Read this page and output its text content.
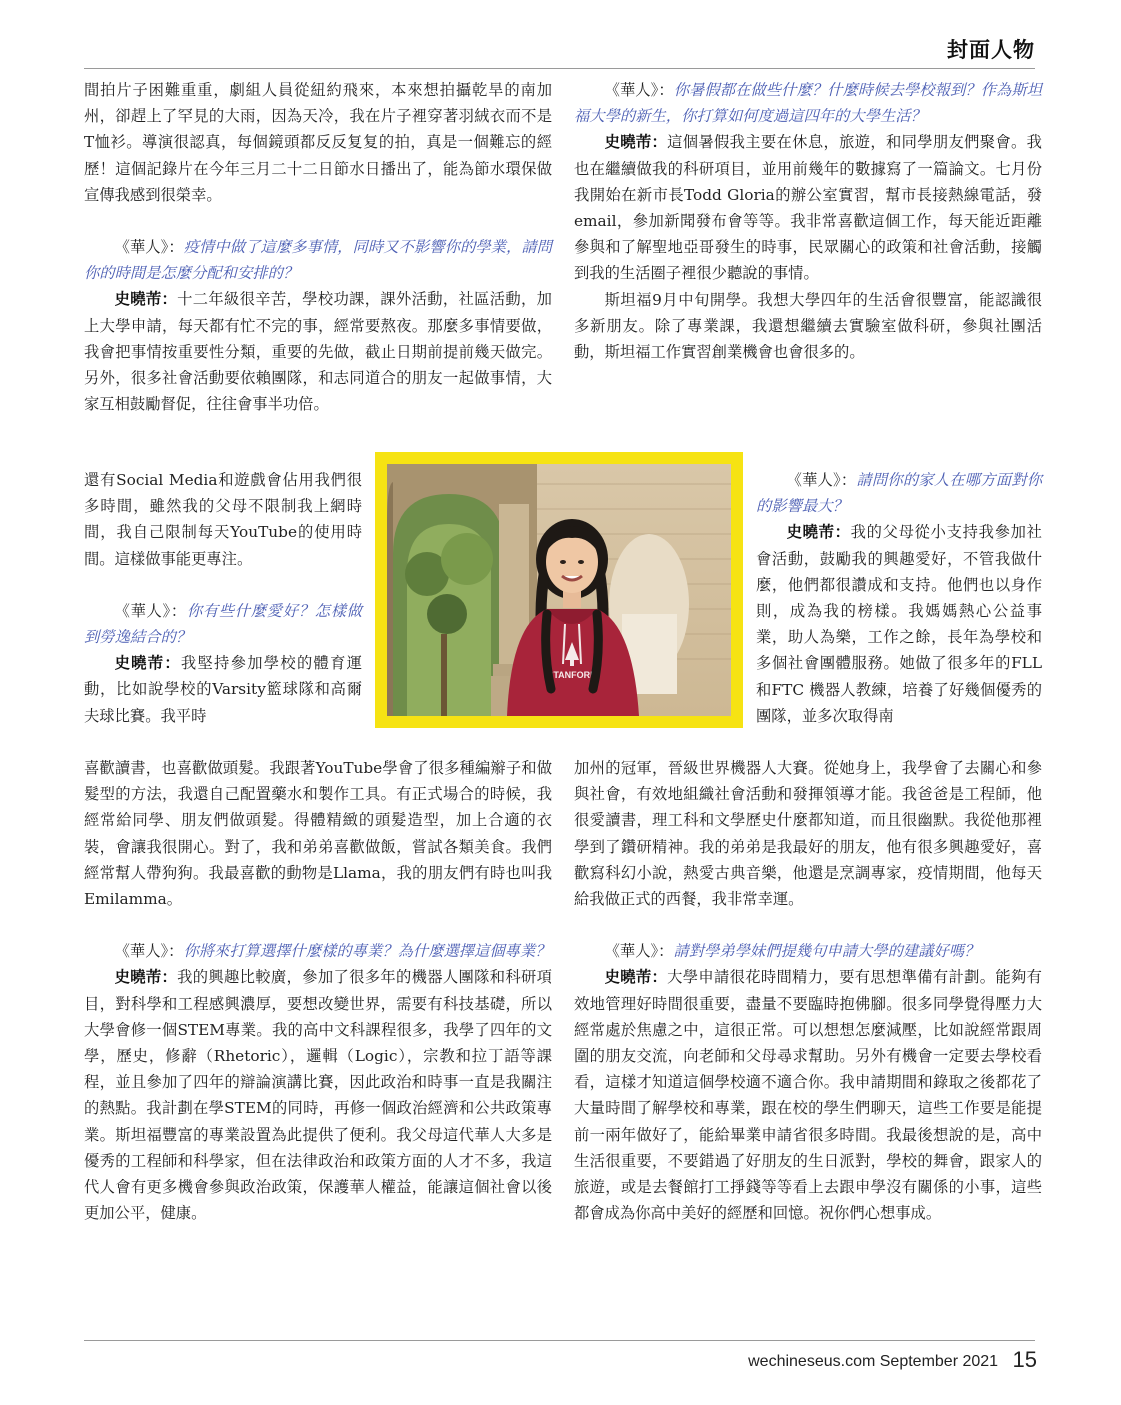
封面人物

間拍片子困難重重，劇組人員從紐約飛來，本來想拍攝乾旱的南加州，卻趕上了罕見的大雨，因為天冷，我在片子裡穿著羽絨衣而不是T恤衫。導演很認真，每個鏡頭都反反复复的拍，真是一個難忘的經歷！這個記錄片在今年三月二十二日節水日播出了，能為節水環保做宣傳我感到很榮幸。

《華人》：疫情中做了這麼多事情，同時又不影響你的學業，請問你的時間是怎麼分配和安排的？

史曉芾：十二年級很辛苦，學校功課，課外活動，社區活動，加上大學申請，每天都有忙不完的事，經常要熬夜。那麼多事情要做，我會把事情按重要性分類，重要的先做，截止日期前提前幾天做完。另外，很多社會活動要依賴團隊，和志同道合的朋友一起做事情，大家互相鼓勵督促，往往會事半功倍。

還有Social Media和遊戲會佔用我們很多時間，雖然我的父母不限制我上網時間，我自己限制每天YouTube的使用時間。這樣做事能更專注。

《華人》：你有些什麼愛好？怎樣做到勞逸結合的？

史曉芾：我堅持參加學校的體育運動，比如說學校的Varsity籃球隊和高爾夫球比賽。我平時

喜歡讀書，也喜歡做頭髮。我跟著YouTube學會了很多種編辮子和做髮型的方法，我還自己配置藥水和製作工具。有正式場合的時候，我經常給同學、朋友們做頭髮。得體精緻的頭髮造型，加上合適的衣裝，會讓我很開心。對了，我和弟弟喜歡做飯，嘗試各類美食。我們經常幫人帶狗狗。我最喜歡的動物是Llama，我的朋友們有時也叫我Emilamma。

《華人》：你將來打算選擇什麼樣的專業？為什麼選擇這個專業？

史曉芾：我的興趣比較廣，參加了很多年的機器人團隊和科研項目，對科學和工程感興濃厚，要想改變世界，需要有科技基礎，所以大學會修一個STEM專業。我的高中文科課程很多，我學了四年的文學，歷史，修辭（Rhetoric），邏輯（Logic），宗教和拉丁語等課程，並且參加了四年的辯論演講比賽，因此政治和時事一直是我關注的熱點。我計劃在學STEM的同時，再修一個政治經濟和公共政策專業。斯坦福豐富的專業設置為此提供了便利。我父母這代華人大多是優秀的工程師和科學家，但在法律政治和政策方面的人才不多，我這代人會有更多機會參與政治政策，保護華人權益，能讓這個社會以後更加公平，健康。

《華人》：你暑假都在做些什麼？什麼時候去學校報到？作為斯坦福大學的新生，你打算如何度過這四年的大學生活？

史曉芾：這個暑假我主要在休息，旅遊，和同學朋友們聚會。我也在繼續做我的科研項目，並用前幾年的數據寫了一篇論文。七月份我開始在新市長Todd Gloria的辦公室實習，幫市長接熱線電話，發email，參加新聞發布會等等。我非常喜歡這個工作，每天能近距離參與和了解聖地亞哥發生的時事，民眾關心的政策和社會活動，接觸到我的生活圈子裡很少聽說的事情。

斯坦福9月中旬開學。我想大學四年的生活會很豐富，能認識很多新朋友。除了專業課，我還想繼續去實驗室做科研，參與社團活動，斯坦福工作實習創業機會也會很多的。

《華人》：請問你的家人在哪方面對你的影響最大？

史曉芾：我的父母從小支持我參加社會活動，鼓勵我的興趣愛好，不管我做什麼，他們都很讚成和支持。他們也以身作則，成為我的榜樣。我媽媽熱心公益事業，助人為樂，工作之餘，長年為學校和多個社會團體服務。她做了很多年的FLL 和FTC 機器人教練，培養了好幾個優秀的團隊，並多次取得南

加州的冠軍，晉級世界機器人大賽。從她身上，我學會了去關心和參與社會，有效地組織社會活動和發揮領導才能。我爸爸是工程師，他很愛讀書，理工科和文學歷史什麼都知道，而且很幽默。我從他那裡學到了鑽研精神。我的弟弟是我最好的朋友，他有很多興趣愛好，喜歡寫科幻小說，熱愛古典音樂，他還是烹調專家，疫情期間，他每天給我做正式的西餐，我非常幸運。

《華人》：請對學弟學妹們提幾句申請大學的建議好嗎？

史曉芾：大學申請很花時間精力，要有思想準備有計劃。能夠有效地管理好時間很重要，盡量不要臨時抱佛腳。很多同學覺得壓力大經常處於焦慮之中，這很正常。可以想想怎麼減壓，比如說經常跟周圍的朋友交流，向老師和父母尋求幫助。另外有機會一定要去學校看看，這樣才知道這個學校適不適合你。我申請期間和錄取之後都花了大量時間了解學校和專業，跟在校的學生們聊天，這些工作要是能提前一兩年做好了，能給畢業申請省很多時間。我最後想說的是，高中生活很重要，不要錯過了好朋友的生日派對，學校的舞會，跟家人的旅遊，或是去餐館打工掙錢等等看上去跟申學沒有關係的小事，這些都會成為你高中美好的經歷和回憶。祝你們心想事成。

STANFORD
wechineseus.com September 2021 15
